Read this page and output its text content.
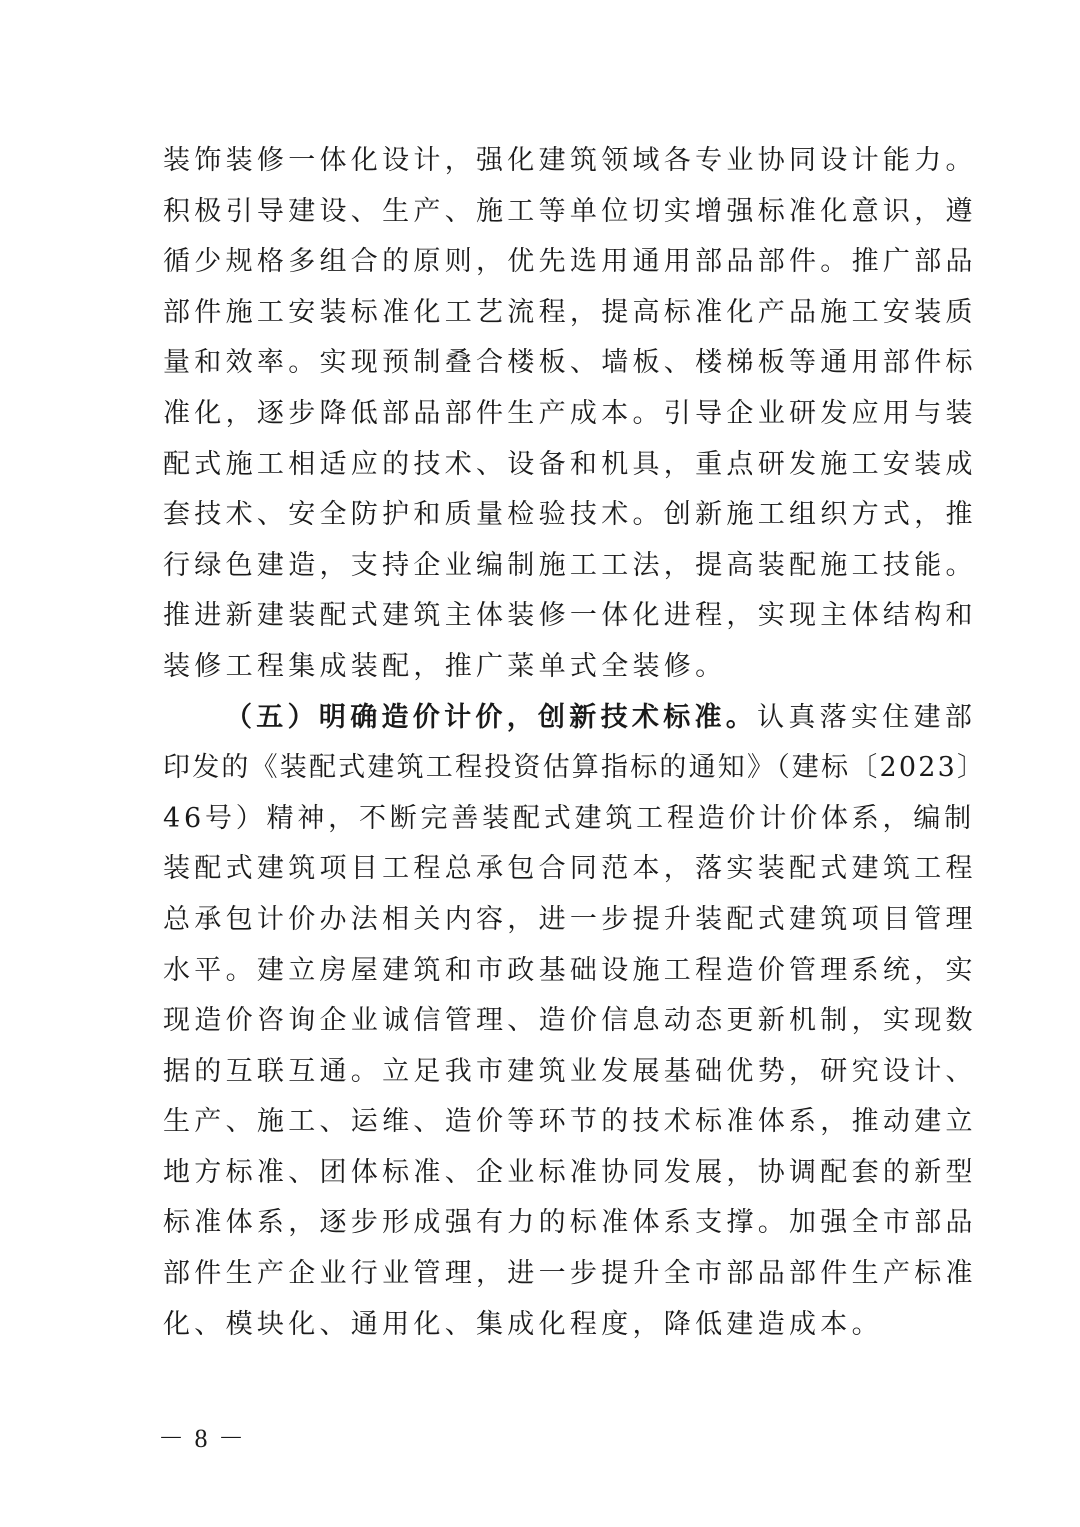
装饰装修一体化设计，强化建筑领域各专业协同设计能力。
积极引导建设、生产、施工等单位切实增强标准化意识，遵
循少规格多组合的原则，优先选用通用部品部件。推广部品
部件施工安装标准化工艺流程，提高标准化产品施工安装质
量和效率。实现预制叠合楼板、墙板、楼梯板等通用部件标
准化，逐步降低部品部件生产成本。引导企业研发应用与装
配式施工相适应的技术、设备和机具，重点研发施工安装成
套技术、安全防护和质量检验技术。创新施工组织方式，推
行绿色建造，支持企业编制施工工法，提高装配施工技能。
推进新建装配式建筑主体装修一体化进程，实现主体结构和
装修工程集成装配，推广菜单式全装修。
（五）明确造价计价，创新技术标准。认真落实住建部
印发的《装配式建筑工程投资估算指标的通知》（建标〔2023〕
46号）精神，不断完善装配式建筑工程造价计价体系，编制
装配式建筑项目工程总承包合同范本，落实装配式建筑工程
总承包计价办法相关内容，进一步提升装配式建筑项目管理
水平。建立房屋建筑和市政基础设施工程造价管理系统，实
现造价咨询企业诚信管理、造价信息动态更新机制，实现数
据的互联互通。立足我市建筑业发展基础优势，研究设计、
生产、施工、运维、造价等环节的技术标准体系，推动建立
地方标准、团体标准、企业标准协同发展，协调配套的新型
标准体系，逐步形成强有力的标准体系支撑。加强全市部品
部件生产企业行业管理，进一步提升全市部品部件生产标准
化、模块化、通用化、集成化程度，降低建造成本。
－ 8 －
